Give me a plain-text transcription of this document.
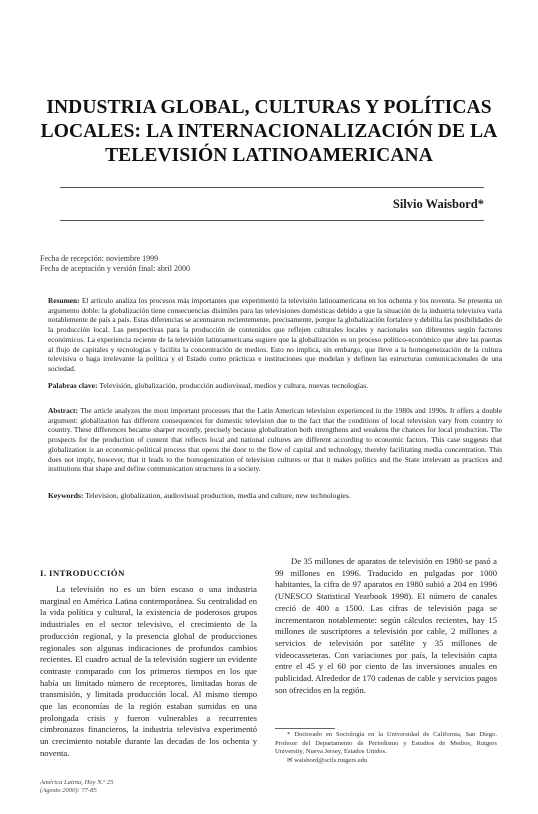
INDUSTRIA GLOBAL, CULTURAS Y POLÍTICAS LOCALES: LA INTERNACIONALIZACIÓN DE LA TELEVISIÓN LATINOAMERICANA
Silvio Waisbord*
Fecha de recepción: noviembre 1999
Fecha de aceptación y versión final: abril 2000

Resumen: El artículo analiza los procesos más importantes que experimentó la televisión latinoamericana en los ochenta y los noventa. Se presenta un argumento doble: la globalización tiene consecuencias disímiles para las televisiones domésticas debido a que la situación de la industria televisiva varía notablemente de país a país. Estas diferencias se acentuaron recientemente, precisamente, porque la globalización fortalece y debilita las posibilidades de la producción local. Las perspectivas para la producción de contenidos que reflejen culturales locales y nacionales son diferentes según factores económicos. La experiencia reciente de la televisión latinoamericana sugiere que la globalización es un proceso político-económico que abre las puertas al flujo de capitales y tecnologías y facilita la concentración de medios. Esto no implica, sin embargo, que lleve a la homogeneización de la cultura televisiva o haga irrelevante la política y el Estado como prácticas e instituciones que modelan y definen las estructuras comunicacionales de una sociedad.

Palabras clave: Televisión, globalización, producción audiovisual, medios y cultura, nuevas tecnologías.

Abstract: The article analyzes the most important processes that the Latin American television experienced in the 1980s and 1990s. It offers a double argument: globalization has different consequences for domestic television due to the fact that the conditions of local television vary from country to country. These differences became sharper recently, precisely because globalization both strengthens and weakens the chances for local production. The prospects for the production of content that reflects local and national cultures are different according to economic factors. This case suggests that globalization is an economic-political process that opens the door to the flow of capital and technology, thereby facilitating media concentration. This does not imply, however, that it leads to the homogenization of television cultures or that it makes politics and the State irrelevant as practices and institutions that shape and define communication structures in a society.

Keywords: Television, globalization, audiovisual production, media and culture, new technologies.

I. INTRODUCCIÓN

La televisión no es un bien escaso o una industria marginal en América Latina contemporánea. Su centralidad en la vida política y cultural, la existencia de poderosos grupos industriales en el sector televisivo, el crecimiento de la producción regional, y la presencia global de producciones regionales son algunas indicaciones de profundos cambios recientes. El cuadro actual de la televisión sugiere un evidente contraste comparado con los primeros tiempos en los que había un limitado número de receptores, limitadas horas de transmisión, y limitada producción local. Al mismo tiempo que las economías de la región estaban sumidas en una prolongada crisis y fueron vulnerables a recurrentes cimbronazos financieros, la industria televisiva experimentó un crecimiento notable durante las decadas de los ochenta y noventa.

De 35 millones de aparatos de televisión en 1980 se pasó a 99 millones en 1996. Traducido en pulgadas por 1000 habitantes, la cifra de 97 aparatos en 1980 subió a 204 en 1996 (UNESCO Statistical Yearbook 1998). El número de canales creció de 400 a 1500. Las cifras de televisión paga se incrementaron notablemente: según cálculos recientes, hay 15 millones de suscriptores a televisión por cable, 2 millones a servicios de televisión por satélite y 35 millones de videocasseteras. Con variaciones por país, la televisión capta entre el 45 y el 60 por ciento de las inversiones anuales en publicidad. Alrededor de 170 cadenas de cable y servicios pagos son ofrecidos en la región.

* Doctorado en Sociología en la Universidad de California, San Diego. Profesor del Departamento de Periodismo y Estudios de Medios, Rutgers University, Nueva Jersey, Estados Unidos.
✉ waisbord@scils.rutgers.edu
América Latina, Hoy N.º 25
(Agosto 2000): 77-85
